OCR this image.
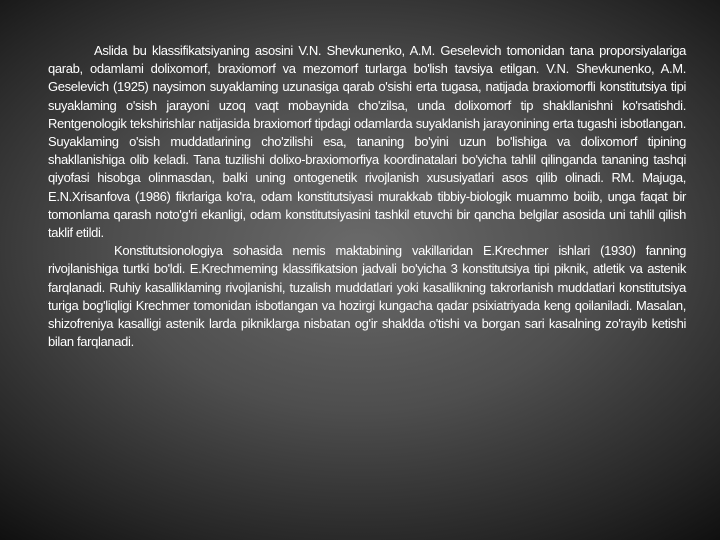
Aslida bu klassifikatsiyaning asosini V.N. Shevkunenko, A.M. Geselevich tomonidan tana proporsiyalariga qarab, odamlami dolixomorf, braxiomorf va mezomorf turlarga bo'lish tavsiya etilgan. V.N. Shevkunenko, A.M. Geselevich (1925) naysimon suyaklaming uzunasiga qarab o'sishi erta tugasa, natijada braxiomorfli konstitutsiya tipi suyaklaming o'sish jarayoni uzoq vaqt mobaynida cho'zilsa, unda dolixomorf tip shakllanishni ko'rsatishdi. Rentgenologik tekshirishlar natijasida braxiomorf tipdagi odamlarda suyaklanish jarayonining erta tugashi isbotlangan. Suyaklaming o'sish muddatlarining cho'zilishi esa, tananing bo'yini uzun bo'lishiga va dolixomorf tipining shakllanishiga olib keladi. Tana tuzilishi dolixo-braxiomorfiya koordinatalari bo'yicha tahlil qilinganda tananing tashqi qiyofasi hisobga olinmasdan, balki uning ontogenetik rivojlanish xususiyatlari asos qilib olinadi. RM. Majuga, E.N.Xrisanfova (1986) fikrlariga ko'ra, odam konstitutsiyasi murakkab tibbiy-biologik muammo boiib, unga faqat bir tomonlama qarash noto'g'ri ekanligi, odam konstitutsiyasini tashkil etuvchi bir qancha belgilar asosida uni tahlil qilish taklif etildi.

Konstitutsionologiya sohasida nemis maktabining vakillaridan E.Krechmer ishlari (1930) fanning rivojlanishiga turtki bo'ldi. E.Krechmeming klassifikatsion jadvali bo'yicha 3 konstitutsiya tipi piknik, atletik va astenik farqlanadi. Ruhiy kasalliklaming rivojlanishi, tuzalish muddatlari yoki kasallikning takrorlanish muddatlari konstitutsiya turiga bog'liqligi Krechmer tomonidan isbotlangan va hozirgi kungacha qadar psixiatriyada keng qoilaniladi. Masalan, shizofreniya kasalligi astenik larda pikniklarga nisbatan og'ir shaklda o'tishi va borgan sari kasalning zo'rayib ketishi bilan farqlanadi.
